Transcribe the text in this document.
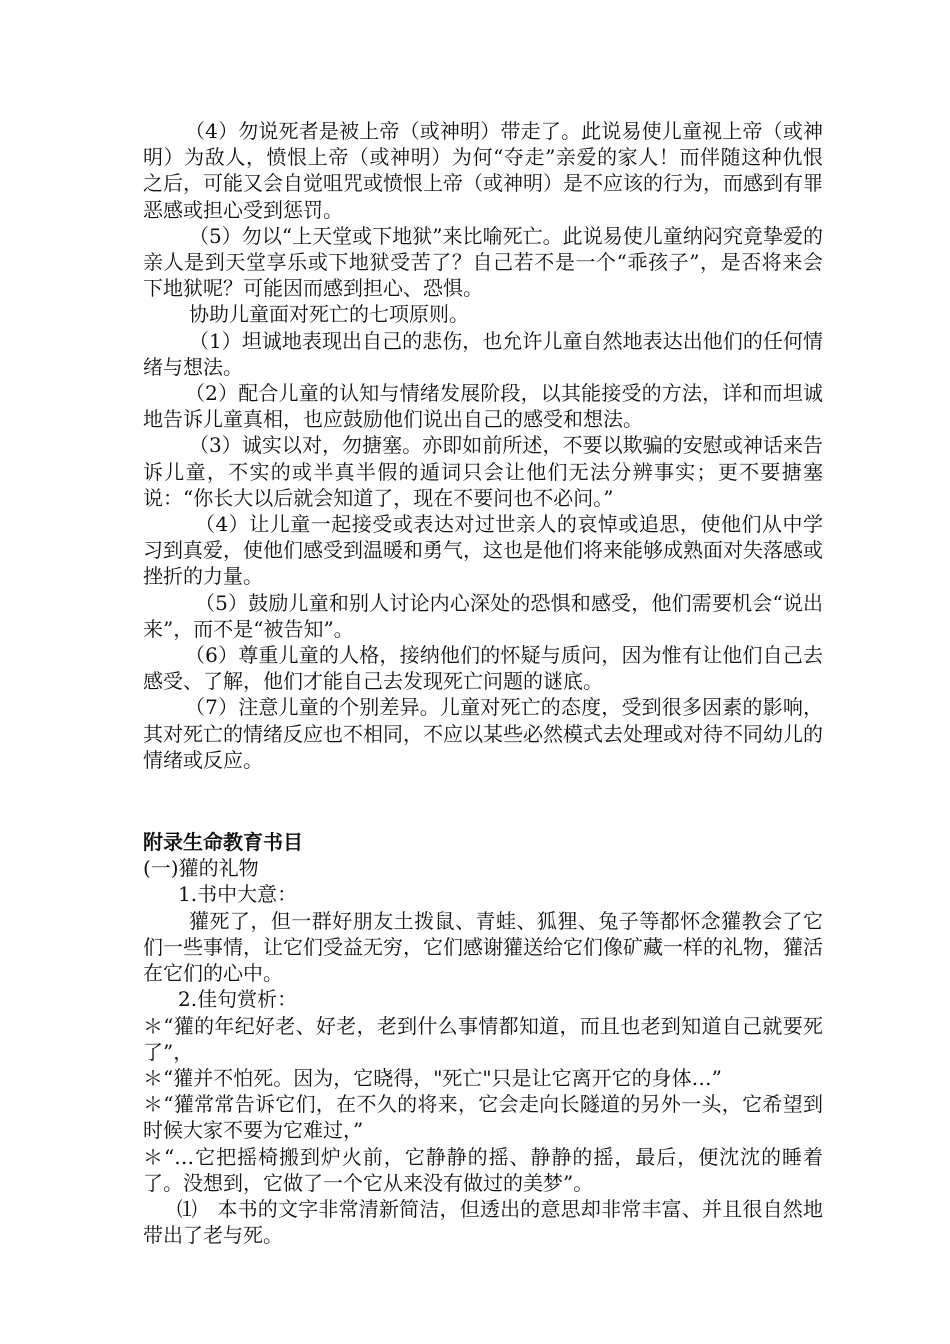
（4）勿说死者是被上帝（或神明）带走了。此说易使儿童视上帝（或神明）为敌人，愤恨上帝（或神明）为何“夺走”亲爱的家人！而伴随这种仇恨之后，可能又会自觉咀咒或愤恨上帝（或神明）是不应该的行为，而感到有罪恶感或担心受到惩罚。

（5）勿以“上天堂或下地狱”来比喻死亡。此说易使儿童纳闷究竟挚爱的亲人是到天堂享乐或下地狱受苦了？自己若不是一个“乖孩子”，是否将来会下地狱呢？可能因而感到担心、恐惧。

协助儿童面对死亡的七项原则。

（1）坦诚地表现出自己的悲伤，也允许儿童自然地表达出他们的任何情绪与想法。

（2）配合儿童的认知与情绪发展阶段，以其能接受的方法，详和而坦诚地告诉儿童真相，也应鼓励他们说出自己的感受和想法。

（3）诚实以对，勿搪塞。亦即如前所述，不要以欺骗的安慰或神话来告诉儿童，不实的或半真半假的遁词只会让他们无法分辨事实；更不要搪塞说：“你长大以后就会知道了，现在不要问也不必问。”

（4）让儿童一起接受或表达对过世亲人的哀悼或追思，使他们从中学习到真爱，使他们感受到温暖和勇气，这也是他们将来能够成熟面对失落感或挫折的力量。

（5）鼓励儿童和别人讨论内心深处的恐惧和感受，他们需要机会“说出来”，而不是“被告知”。

（6）尊重儿童的人格，接纳他们的怀疑与质问，因为惟有让他们自己去感受、了解，他们才能自己去发现死亡问题的谜底。

（7）注意儿童的个别差异。儿童对死亡的态度，受到很多因素的影响，其对死亡的情绪反应也不相同，不应以某些必然模式去处理或对待不同幼儿的情绪或反应。

附录生命教育书目

(一)獾的礼物

1.书中大意：

獾死了，但一群好朋友土拨鼠、青蛙、狐狸、兔子等都怀念獾教会了它们一些事情，让它们受益无穷，它们感谢獾送给它们像矿藏一样的礼物，獾活在它们的心中。

2.佳句赏析：

＊“獾的年纪好老、好老，老到什么事情都知道，而且也老到知道自己就要死了”，

＊“獾并不怕死。因为，它晓得，"死亡"只是让它离开它的身体…”

＊“獾常常告诉它们，在不久的将来，它会走向长隧道的另外一头，它希望到时候大家不要为它难过，”

＊“…它把摇椅搬到炉火前，它静静的摇、静静的摇，最后，便沈沈的睡着了。没想到，它做了一个它从来没有做过的美梦”。

⑴　本书的文字非常清新简洁，但透出的意思却非常丰富、并且很自然地带出了老与死。
